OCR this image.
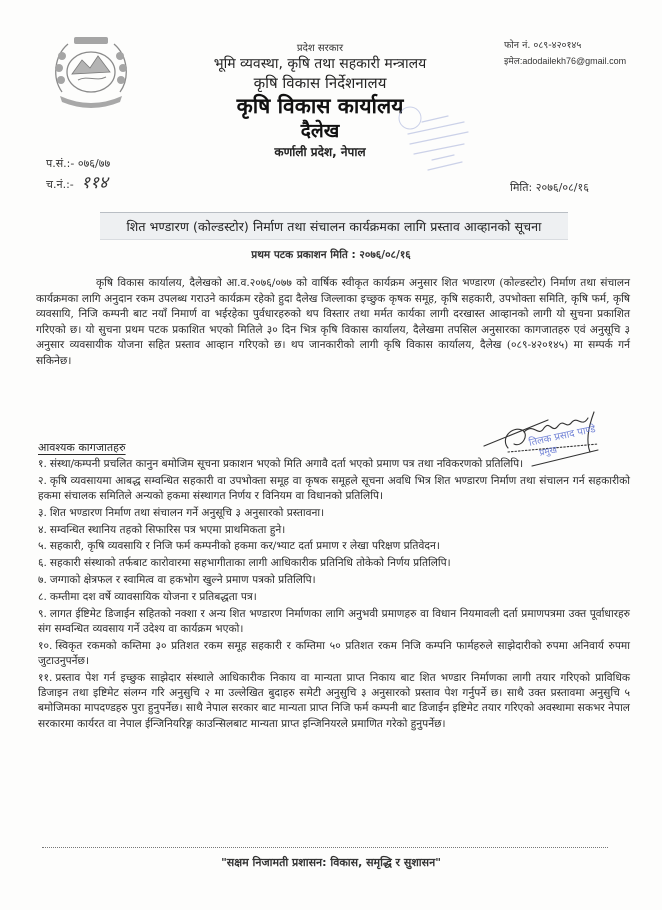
प्रदेश सरकार
भूमि व्यवस्था, कृषि तथा सहकारी मन्त्रालय
कृषि विकास निर्देशनालय
कृषि विकास कार्यालय
दैलेख
कर्णाली प्रदेश, नेपाल
फोन नं. ०८९-४२०१४५
इमेल:adodailekh76@gmail.com
प.सं.:- ०७६/७७
च.नं.:- ११४	मिति: २०७६/०८/१६
शित भण्डारण (कोल्डस्टोर) निर्माण तथा संचालन कार्यक्रमका लागि प्रस्ताव आव्हानको सूचना
प्रथम पटक प्रकाशन मिति : २०७६/०८/१६

कृषि विकास कार्यालय, दैलेखको आ.व.२०७६/०७७ को वार्षिक स्वीकृत कार्यक्रम अनुसार शित भण्डारण (कोल्डस्टोर) निर्माण तथा संचालन कार्यक्रमका लागि अनुदान रकम उपलब्ध गराउने कार्यक्रम रहेको हुदा दैलेख जिल्लाका इच्छुक कृषक समूह, कृषि सहकारी, उपभोक्ता समिति, कृषि फर्म, कृषि व्यवसायि, निजि कम्पनी बाट नयाँ निमार्ण वा भईरहेका पुर्वधारहरुको थप विस्तार तथा मर्मत कार्यका लागी दरखास्त आव्हानको लागी यो सुचना प्रकाशित गरिएको छ। यो सुचना प्रथम पटक प्रकाशित भएको मितिले ३० दिन भित्र कृषि विकास कार्यालय, दैलेखमा तपसिल अनुसारका कागजातहरु एवं अनुसूचि ३ अनुसार व्यवसायीक योजना सहित प्रस्ताव आव्हान गरिएको छ। थप जानकारीको लागी कृषि विकास कार्यालय, दैलेख (०८९-४२०१४५) मा सम्पर्क गर्न सकिनेछ।

आवश्यक कागजातहरु
१. संस्था/कम्पनी प्रचलित कानुन बमोजिम सूचना प्रकाशन भएको मिति अगावै दर्ता भएको प्रमाण पत्र तथा नविकरणको प्रतिलिपि।
२. कृषि व्यवसायमा आबद्ध सम्वन्धित सहकारी वा उपभोक्ता समूह वा कृषक समूहले सूचना अवधि भित्र शित भण्डारण निर्माण तथा संचालन गर्न सहकारीको हकमा संचालक समितिले अन्यको हकमा संस्थागत निर्णय र विनियम वा विधानको प्रतिलिपि।
३. शित भण्डारण निर्माण तथा संचालन गर्ने अनुसूचि ३ अनुसारको प्रस्तावना।
४. सम्वन्धित स्थानिय तहको सिफारिस पत्र भएमा प्राथमिकता हुने।
५. सहकारी, कृषि व्यवसायि र निजि फर्म कम्पनीको हकमा कर/भ्याट दर्ता प्रमाण र लेखा परिक्षण प्रतिवेदन।
६. सहकारी संस्थाको तर्फबाट कारोवारमा सहभागीताका लागी आधिकारीक प्रतिनिधि तोकेको निर्णय प्रतिलिपि।
७. जग्गाको क्षेत्रफल र स्वामित्व वा हकभोग खुल्ने प्रमाण पत्रको प्रतिलिपि।
८. कम्तीमा दश वर्षे व्यावसायिक योजना र प्रतिबद्धता पत्र।
९. लागत ईष्टिमेट डिजाईन सहितको नक्शा र अन्य शित भण्डारण निर्माणका लागि अनुभवी प्रमाणहरु वा विधान नियमावली दर्ता प्रमाणपत्रमा उक्त पूर्वाधारहरु संग सम्वन्धित व्यवसाय गर्ने उदेश्य वा कार्यक्रम भएको।
१०. स्विकृत रकमको कम्तिमा ३० प्रतिशत रकम समूह सहकारी र कम्तिमा ५० प्रतिशत रकम निजि कम्पनि फार्महरुले साझेदारीको रुपमा अनिवार्य रुपमा जुटाउनुपर्नेछ।
११. प्रस्ताव पेश गर्न इच्छुक साझेदार संस्थाले आधिकारीक निकाय वा मान्यता प्राप्त निकाय बाट शित भण्डार निर्माणका लागी तयार गरिएको प्राविधिक डिजाइन तथा इष्टिमेट संलग्न गरि अनुसुचि २ मा उल्लेखित बुदाहरु समेटी अनुसुचि ३ अनुसारको प्रस्ताव पेश गर्नुपर्ने छ। साथै उक्त प्रस्तावमा अनुसुचि ५ बमोजिमका मापदण्डहरु पुरा हुनुपर्नेछ। साथै नेपाल सरकार बाट मान्यता प्राप्त निजि फर्म कम्पनी बाट डिजाईन इष्टिमेट तयार गरिएको अवस्थामा सकभर नेपाल सरकारमा कार्यरत वा नेपाल ईन्जिनियरिङ्ग काउन्सिलबाट मान्यता प्राप्त इन्जिनियरले प्रमाणित गरेको हुनुपर्नेछ।
तिलक प्रसाद पाण्डे
प्रमुख
"सक्षम निजामती प्रशासन: विकास, समृद्धि र सुशासन"
